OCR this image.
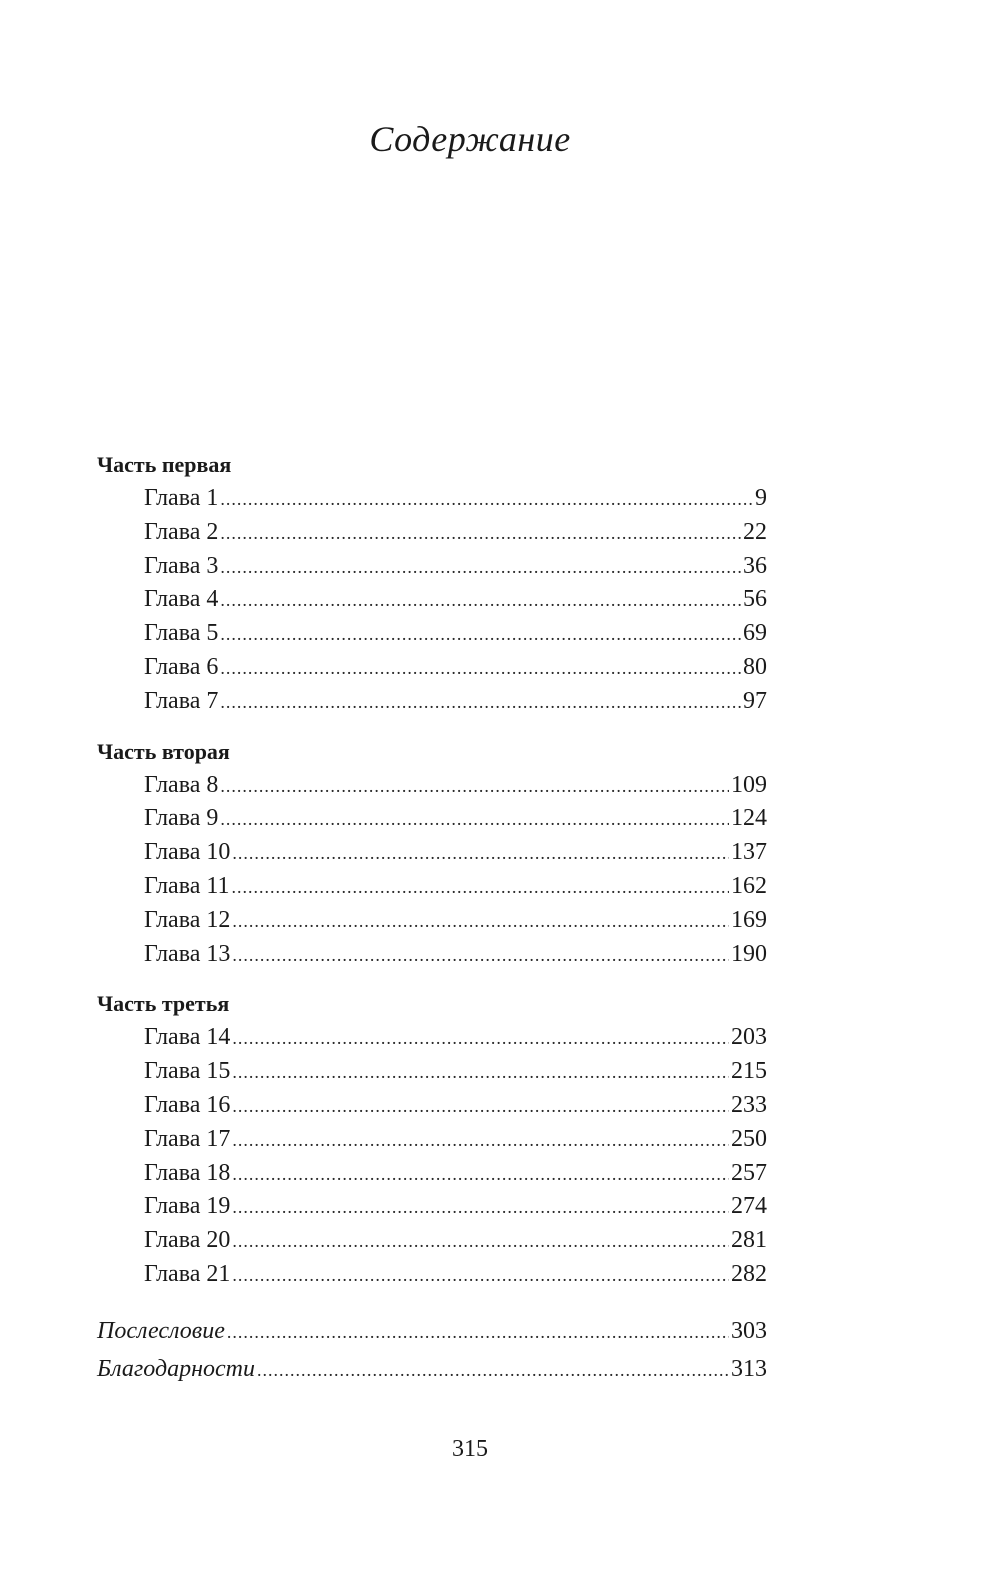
Содержание
Часть первая
Глава 1 .....	9
Глава 2 .....	22
Глава 3 .....	36
Глава 4 .....	56
Глава 5 .....	69
Глава 6 .....	80
Глава 7 .....	97
Часть вторая
Глава 8 .....	109
Глава 9 .....	124
Глава 10 .....	137
Глава 11 .....	162
Глава 12 .....	169
Глава 13 .....	190
Часть третья
Глава 14 .....	203
Глава 15 .....	215
Глава 16 .....	233
Глава 17 .....	250
Глава 18 .....	257
Глава 19 .....	274
Глава 20 .....	281
Глава 21 .....	282
Послесловие .....	303
Благодарности .....	313
315
